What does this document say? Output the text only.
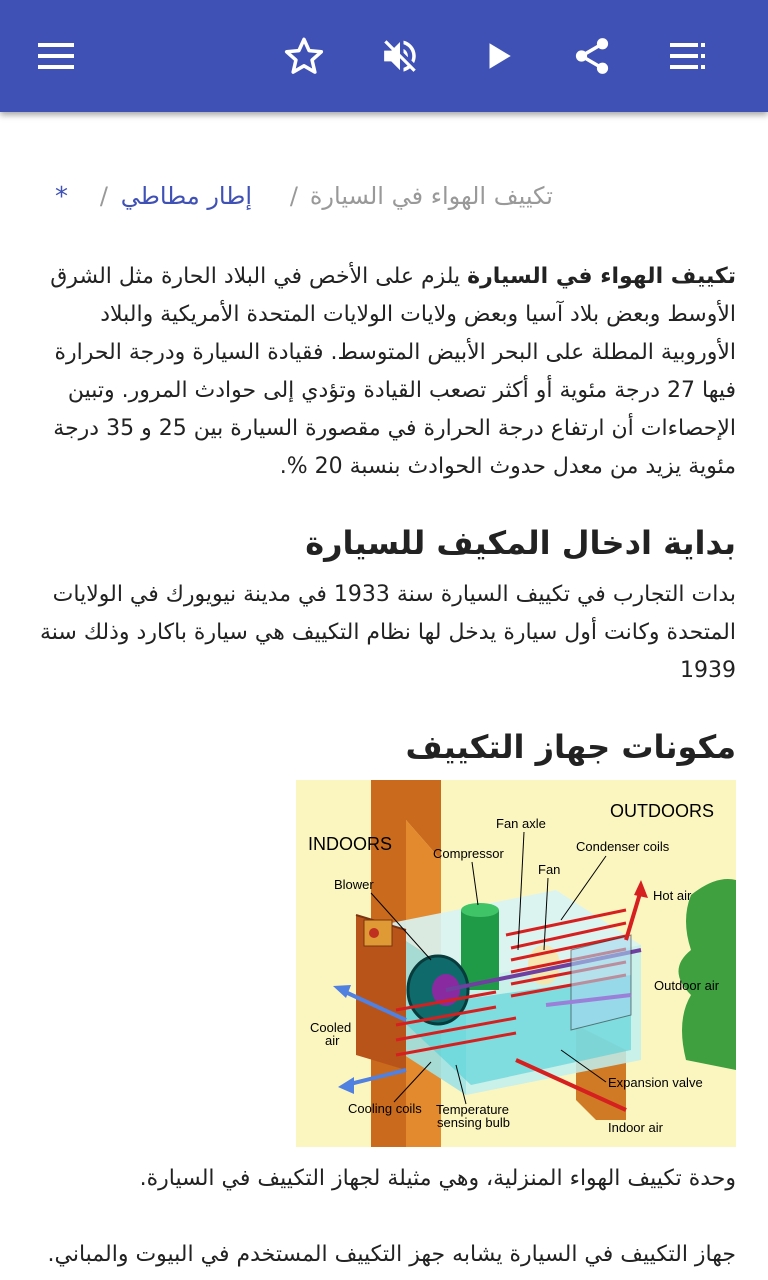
تكييف الهواء في السيارة
/
إطار مطاطي
/
*
تكييف الهواء في السيارة يلزم على الأخص في البلاد الحارة مثل الشرق الأوسط وبعض بلاد آسيا وبعض ولايات الولايات المتحدة الأمريكية والبلاد الأوروبية المطلة على البحر الأبيض المتوسط. فقيادة السيارة ودرجة الحرارة فيها 27 درجة مئوية أو أكثر تصعب القيادة وتؤدي إلى حوادث المرور. وتبين الإحصاءات أن ارتفاع درجة الحرارة في مقصورة السيارة بين 25 و 35 درجة مئوية يزيد من معدل حدوث الحوادث بنسبة 20 %.
بداية ادخال المكيف للسيارة
بدات التجارب في تكييف السيارة سنة 1933 في مدينة نيويورك في الولايات المتحدة وكانت أول سيارة يدخل لها نظام التكييف هي سيارة باكارد وذلك سنة 1939
مكونات جهاز التكييف
OUTDOORS
INDOORS
Fan axle
Compressor	Condenser coils
Fan
Blower
Hot air
Outdoor air
Cooled
air
Expansion valve
Cooling coils Temperature
sensing bulb	Indoor air
وحدة تكييف الهواء المنزلية، وهي مثيلة لجهاز التكييف في السيارة.
جهاز التكييف في السيارة يشابه جهز التكييف المستخدم في البيوت والمباني.
